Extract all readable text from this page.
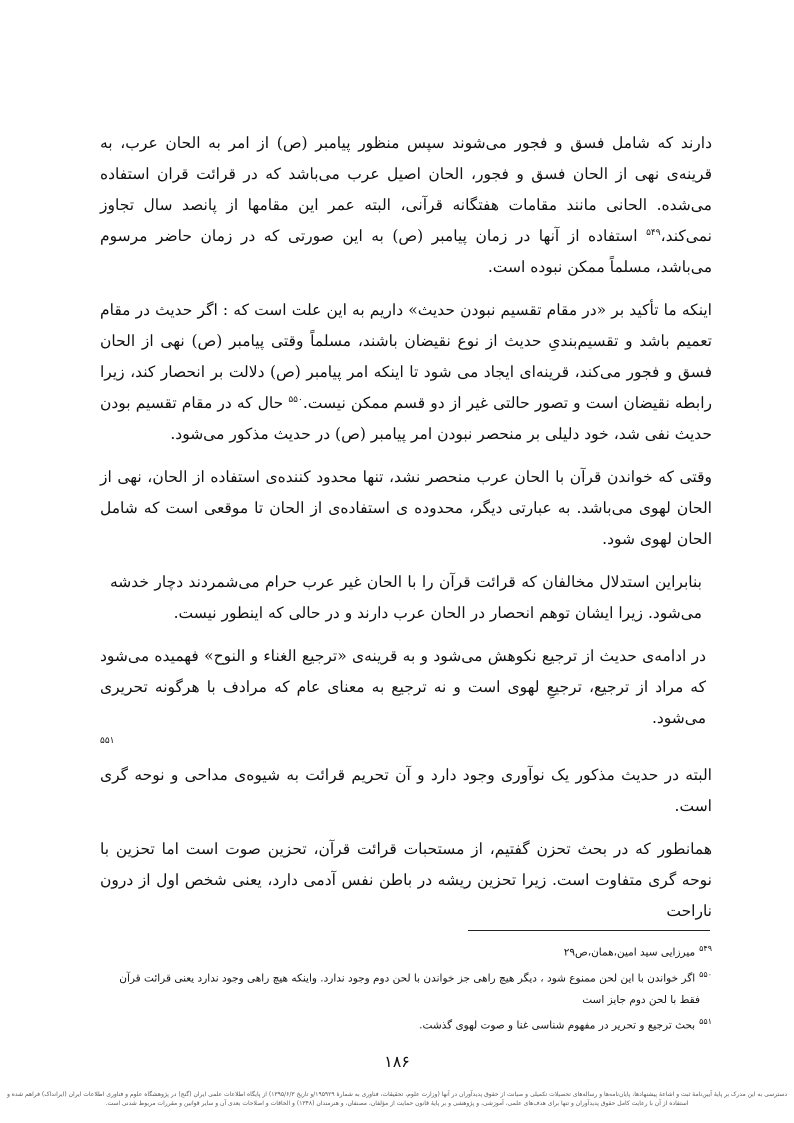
دارند که شامل فسق و فجور می‌شوند سپس منظور پیامبر (ص) از امر به الحان عرب، به قرینه‌ی نهی از الحان فسق و فجور، الحان اصیل عرب می‌باشد که در قرائت قران استفاده می‌شده. الحانی مانند مقامات هفتگانه قرآنی، البته عمر این مقامها از پانصد سال تجاوز نمی‌کند،$^{۵۴۹}$ استفاده از آنها در زمان پیامبر (ص) به این صورتی که در زمان حاضر مرسوم می‌باشد، مسلماً ممکن نبوده است.

اینکه ما تأکید بر «در مقام تقسیم نبودن حدیث» داریم به این علت است که : اگر حدیث در مقام تعمیم باشد و تقسیم‌بندیِ حدیث از نوع نقیضان باشند، مسلماً وقتی پیامبر (ص) نهی از الحان فسق و فجور می‌کند، قرینه‌ای ایجاد می شود تا اینکه امر پیامبر (ص) دلالت بر انحصار کند، زیرا رابطه نقیضان است و تصور حالتی غیر از دو قسم ممکن نیست.$^{۵۵۰}$ حال که در مقام تقسیم بودن حدیث نفی شد، خود دلیلی بر منحصر نبودن امر پیامبر (ص) در حدیث مذکور می‌شود.

وقتی که خواندن قرآن با الحان عرب منحصر نشد، تنها محدود کننده‌ی استفاده از الحان، نهی از الحان لهوی می‌باشد. به عبارتی دیگر، محدوده ی استفاده‌ی از الحان تا موقعی است که شامل الحان لهوی شود.

بنابراین استدلال مخالفان که قرائت قرآن را با الحان غیر عرب حرام می‌شمردند دچار خدشه می‌شود. زیرا ایشان توهم انحصار در الحان عرب دارند و در حالی که اینطور نیست.

در ادامه‌ی حدیث از ترجیع نکوهش می‌شود و به قرینه‌ی «ترجیع الغناء و النوح» فهمیده می‌شود که مراد از ترجیع، ترجیعِ لهوی است و نه ترجیع به معنای عام که مرادف با هرگونه تحریری می‌شود.
۵۵۱

البته در حدیث مذکور یک نوآوری وجود دارد و آن تحریم قرائت به شیوه‌ی مداحی و نوحه گری است.

همانطور که در بحث تحزن گفتیم، از مستحبات قرائت قرآن، تحزین صوت است اما تحزین با نوحه گری متفاوت است. زیرا تحزین ریشه در باطن نفس آدمی دارد، یعنی شخص اول از درون ناراحت

$^{۵۴۹}$میرزایی سید امین،همان،ص۲۹

$^{۵۵۰}$اگر خواندن با این لحن ممنوع شود ، دیگر هیچ راهی جز خواندن با لحن دوم وجود ندارد. واینکه هیچ راهی وجود ندارد یعنی قرائت قرآن
فقط با لحن دوم جایز است

$^{۵۵۱}$بحث ترجیع و تحریر در مفهوم شناسی غنا و صوت لهوی گذشت.

۱۸۶
دسترسی به این مدرک بر پایهٔ آیین‌نامهٔ ثبت و اشاعهٔ پیشنهادها، پایان‌نامه‌ها و رساله‌های تحصیلات تکمیلی و صیانت از حقوق پدیدآوران در آنها (وزارت علوم، تحقیقات، فناوری به شمارهٔ ۱۹۵۹۲۹/و تاریخ ۱۳۹۵/۶/۳) از پایگاه اطلاعات علمی ایران (گنج) در پژوهشگاه علوم و فناوری اطلاعات ایران (ایرانداک) فراهم شده و استفاده از آن با رعایت کامل حقوق پدیدآوران و تنها برای هدف‌های علمی، آموزشی، و پژوهشی و بر پایهٔ قانون حمایت از مؤلفان، مصنفان، و هنرمندان (۱۳۴۸) و الحاقات و اصلاحات بعدی آن و سایر قوانین و مقررات مربوط شدنی است.
